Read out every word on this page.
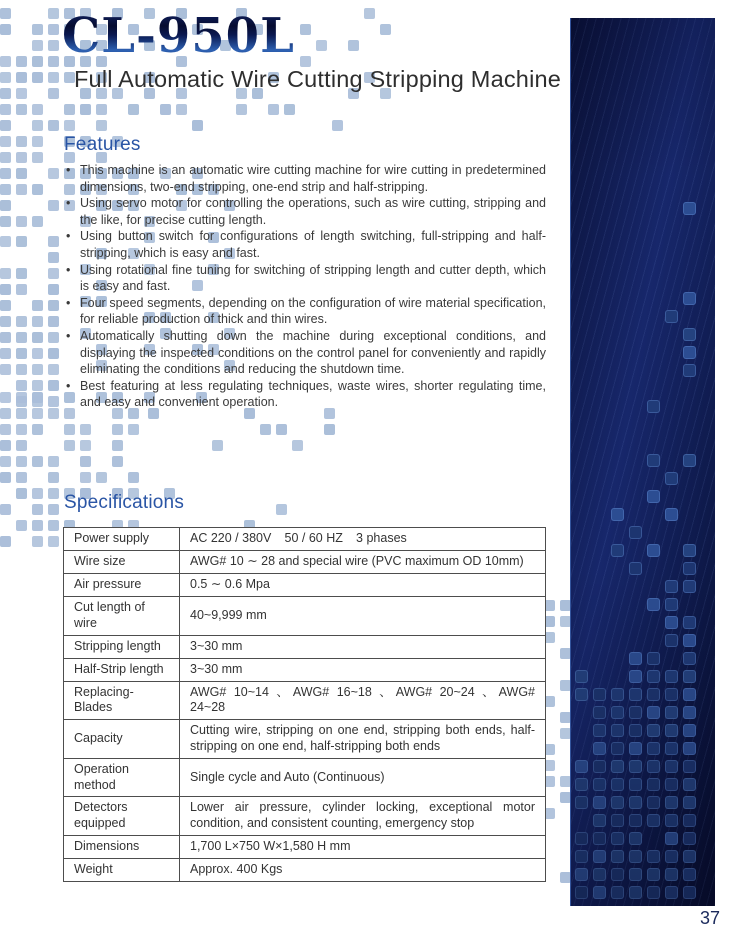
CL-950L
Full Automatic Wire Cutting Stripping Machine
Features
• This machine is an automatic wire cutting machine for wire cutting in predetermined dimensions, two-end stripping, one-end strip and half-stripping.
• Using servo motor for controlling the operations, such as wire cutting, stripping and the like, for precise cutting length.
• Using button switch for configurations of length switching, full-stripping and half-stripping, which is easy and fast.
• Using rotational fine tuning for switching of stripping length and cutter depth, which is easy and fast.
• Four speed segments, depending on the configuration of wire material specification, for reliable production of thick and thin wires.
• Automatically shutting down the machine during exceptional conditions, and displaying the inspected conditions on the control panel for conveniently and rapidly eliminating the conditions and reducing the shutdown time.
• Best featuring at less regulating techniques, waste wires, shorter regulating time, and easy and convenient operation.
Specifications
Power supply	AC 220 / 380V   50 / 60 HZ   3 phases
Wire size	AWG# 10 ∼ 28 and special wire (PVC maximum OD 10mm)
Air pressure	0.5 ∼ 0.6 Mpa
Cut length of wire	40~9,999 mm
Stripping length	3~30 mm
Half-Strip length	3~30 mm
Replacing-Blades	AWG# 10~14 、AWG# 16~18 、AWG# 20~24 、AWG# 24~28
Capacity	Cutting wire, stripping on one end, stripping both ends, half-stripping on one end, half-stripping both ends
Operation method	Single cycle and Auto (Continuous)
Detectors equipped	Lower air pressure, cylinder locking, exceptional motor condition, and consistent counting, emergency stop
Dimensions	1,700 L×750 W×1,580 H mm
Weight	Approx. 400 Kgs
37
